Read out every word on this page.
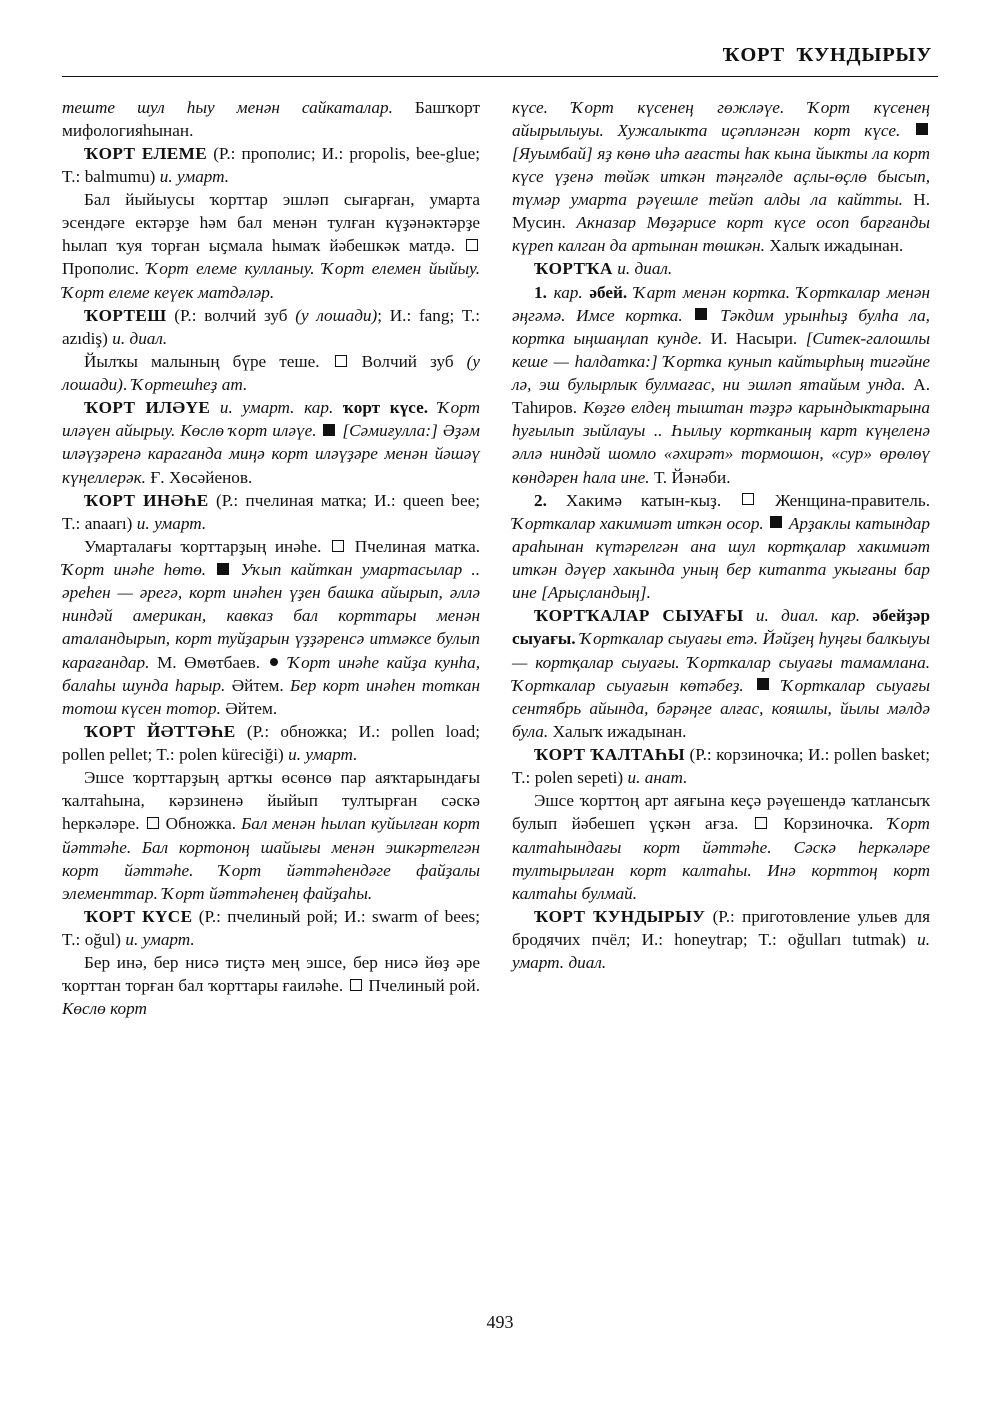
ҠОРТ  ҠУНДЫРЫУ

теште шул һыу менән сайкаталар. Башҡорт мифологияһынан.

ҠОРТ ЕЛЕМЕ (Р.: прополис; И.: propolis, bee-glue; T.: balmumu) и. умарт.

Бал йыйыусы ҡорттар эшләп сығарған, умарта эсендәге ектәрҙе һәм бал менән тулған күҙәнәктәрҙе һылап ҡуя торған ыҫмала һымаҡ йәбешкәк матдә.  Прополис. Ҡорт елеме кулланыу. Ҡорт елемен йыйыу. Ҡорт елеме кеүек матдәләр.

ҠОРТЕШ (Р.: волчий зуб (у лошади); И.: fang; T.: azıdiş) и. диал.

Йылҡы малының бүре теше. Волчий зуб (у лошади). Ҡортешһеҙ ат.

ҠОРТ ИЛӘҮЕ и. умарт. кар. ҡорт күсе. Ҡорт иләүен айырыу. Көслө ҡорт иләүе. [Сәмиғулла:] Әҙәм иләүҙәренә караганда миңә корт иләүҙәре менән йәшәү күңеллерәк. Ғ. Хөсәйенов.

ҠОРТ ИНӘҺЕ (Р.: пчелиная матка; И.: queen bee; T.: anaarı) и. умарт.

Умарталағы ҡорттарҙың инәһе. Пчелиная матка. Ҡорт инәһе һөтө. Уҡып кайткан умартасылар .. әреһен — әрегә, корт инәһен үҙен башка айырып, әллә ниндәй американ, кавказ бал корттары менән аталандырып, корт туйҙарын үҙҙәренсә итмәксе булып карағандар. М. Өмөтбаев.  Ҡорт инәһе кайҙа кунһа, балаһы шунда һарыр. Әйтем. Бер корт инәһен тоткан тотош күсен тотор. Әйтем.

ҠОРТ ЙӘТТӘҺЕ (Р.: обножка; И.: pollen load; pollen pellet; T.: polen küreciği) и. умарт.

Эшсе ҡорттарҙың артҡы өсөнсө пар аяҡтарындағы ҡалтаһына, кәрзиненә йыйып тултырған сәскә һеркәләре. Обножка. Бал менән һылап куйылған корт йәттәһе. Бал кортоноң шайығы менән эшкәртелгән корт йәттәһе. Ҡорт йәттәһендәге файҙалы элементтар. Ҡорт йәттәһенең файҙаһы.

ҠОРТ КҮСЕ (Р.: пчелиный рой; И.: swarm of bees; T.: oğul) и. умарт.

Бер инә, бер нисә тиҫтә мең эшсе, бер нисә йөҙ әре ҡорттан торған бал ҡорттары ғаиләһе. Пчелиный рой. Көслө корт

күсе. Ҡорт күсенең гөжләүе. Ҡорт күсенең айырылыуы. Хужалыкта иҫәпләнгән корт күсе.  [Яуымбай] яҙ көнө иһә ағасты һак кына йыкты ла корт күсе үҙенә төйәк иткән тәңгәлде аҫлы-өҫлө бысып, түмәр умарта рәүешле тейәп алды ла кайтты. Н. Мусин. Акназар Мөҙәрисе корт күсе осоп барғанды күреп калган да артынан төшкән. Халыҡ ижадынан.

ҠОРТҠА и. диал.

1. кар. әбей. Ҡарт менән кортка. Ҡорткалар менән әңгәмә. Имсе кортка. Тәкдим урынһыҙ булһа ла, кортка ыңшаңлап кунде. И. Насыри. [Ситек-галошлы кеше — һалдатка:] Ҡортка кунып кайтырһың тигәйне лә, эш булырлык булмағас, ни эшләп ятайым унда. А. Таһиров. Көҙгө елдең тыштан тәҙрә карындыктарына һуғылып зыйлауы .. Һылыу кортканың карт күңеленә әллә ниндәй шомло «әхирәт» тормошон, «сур» өрөлөү көндәрен һала ине. Т. Йәнәби.

2. Хакимә катын-кыҙ.	Женщина-правитель. Ҡорткалар хакимиәт иткән осор. Арҙаклы катындар араһынан күтәрелгән ана шул кортқалар хакимиәт иткән дәүер хакында уның бер китапта укығаны бар ине [Арыҫландың].

ҠОРТҠАЛАР СЫУАҒЫ и. диал. кар. әбейҙәр сыуағы. Ҡорткалар сыуағы етә. Йәйҙең һуңғы балкыуы — кортқалар сыуағы. Ҡорткалар сыуағы тамамлана. Ҡорткалар сыуағын көтәбеҙ. Ҡорткалар сыуағы сентябрь айында, бәрәңге алғас, кояшлы, йылы мәлдә була. Халыҡ ижадынан.

ҠОРТ ҠАЛТАҺЫ (Р.: корзиночка; И.: pollen basket; T.: polen sepeti) и. анат.

Эшсе ҡорттоң арт аяғына кеҫә рәүешендә ҡатлансыҡ булып йәбешеп үҫкән ағза.	Корзиночка. Ҡорт калтаһындағы корт йәттәһе. Сәскә һеркәләре тултырылған корт калтаһы. Инә корттоң корт калтаһы булмай.

ҠОРТ ҠУНДЫРЫУ (Р.: приготовление ульев для бродячих пчёл; И.: honeytrap; T.: oğulları tutmak) и. умарт. диал.

493
